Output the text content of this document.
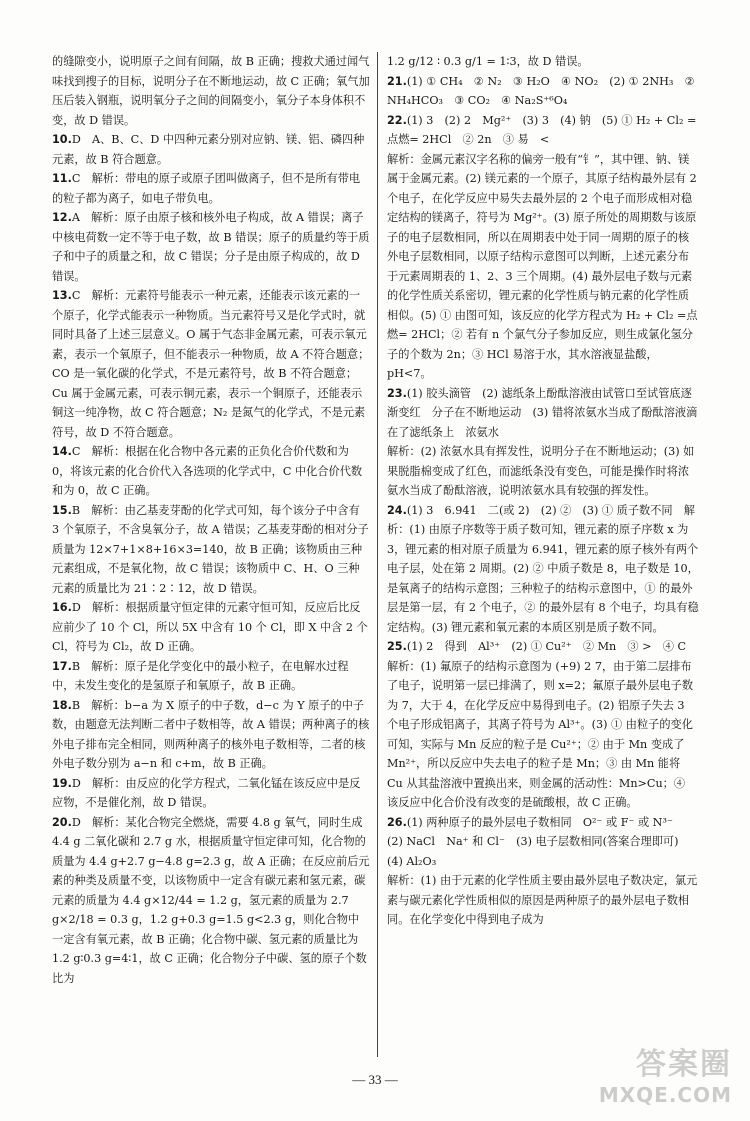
的缝隙变小，说明原子之间有间隔，故 B 正确；搜救犬通过闻气味找到搜子的目标，说明分子在不断地运动，故 C 正确；氧气加压后装入钢瓶，说明氧分子之间的间隔变小，氧分子本身体积不变，故 D 错误。

10.D　A、B、C、D 中四种元素分别对应钠、镁、铝、磷四种元素，故 B 符合题意。

11.C　解析：带电的原子或原子团叫做离子，但不是所有带电的粒子都为离子，如电子带负电。

12.A　解析：原子由原子核和核外电子构成，故 A 错误；离子中核电荷数一定不等于电子数，故 B 错误；原子的质量约等于质子和中子的质量之和，故 C 错误；分子是由原子构成的，故 D 错误。

13.C　解析：元素符号能表示一种元素，还能表示该元素的一个原子，化学式能表示一种物质。当元素符号又是化学式时，就同时具备了上述三层意义。O 属于气态非金属元素，可表示氧元素，表示一个氧原子，但不能表示一种物质，故 A 不符合题意；CO 是一氧化碳的化学式，不是元素符号，故 B 不符合题意；Cu 属于金属元素，可表示铜元素，表示一个铜原子，还能表示铜这一纯净物，故 C 符合题意；N₂ 是氮气的化学式，不是元素符号，故 D 不符合题意。

14.C　解析：根据在化合物中各元素的正负化合价代数和为 0，将该元素的化合价代入各选项的化学式中，C 中化合价代数和为 0，故 C 正确。

15.B　解析：由乙基麦芽酚的化学式可知，每个该分子中含有 3 个氧原子，不含臭氧分子，故 A 错误；乙基麦芽酚的相对分子质量为 12×7+1×8+16×3=140，故 B 正确；该物质由三种元素组成，不是氧化物，故 C 错误；该物质中 C、H、O 三种元素的质量比为 21∶2∶12，故 D 错误。

16.D　解析：根据质量守恒定律的元素守恒可知，反应后比反应前少了 10 个 Cl，所以 5X 中含有 10 个 Cl，即 X 中含 2 个 Cl，符号为 Cl₂，故 D 正确。

17.B　解析：原子是化学变化中的最小粒子，在电解水过程中，未发生变化的是氢原子和氧原子，故 B 正确。

18.B　解析：b−a 为 X 原子的中子数，d−c 为 Y 原子的中子数，由题意无法判断二者中子数相等，故 A 错误；两种离子的核外电子排布完全相同，则两种离子的核外电子数相等，二者的核外电子数分别为 a−n 和 c+m，故 B 正确。

19.D　解析：由反应的化学方程式，二氧化锰在该反应中是反应物，不是催化剂，故 D 错误。

20.D　解析：某化合物完全燃烧，需要 4.8 g 氧气，同时生成 4.4 g 二氧化碳和 2.7 g 水，根据质量守恒定律可知，化合物的质量为 4.4 g+2.7 g−4.8 g=2.3 g，故 A 正确；在反应前后元素的种类及质量不变，以该物质中一定含有碳元素和氢元素，碳元素的质量为 4.4 g×12/44 = 1.2 g，氢元素的质量为 2.7 g×2/18 = 0.3 g，1.2 g+0.3 g=1.5 g<2.3 g，则化合物中一定含有氧元素，故 B 正确；化合物中碳、氢元素的质量比为 1.2 g∶0.3 g=4∶1，故 C 正确；化合物分子中碳、氢的原子个数比为

1.2 g/12 ∶ 0.3 g/1 = 1∶3，故 D 错误。

21.(1) ① CH₄　② N₂　③ H₂O　④ NO₂　(2) ① 2NH₃　② NH₄HCO₃　③ CO₂　④ Na₂S⁺⁶O₄

22.(1) 3　(2) 2　Mg²⁺　(3) 3　(4) 钠　(5) ① H₂ + Cl₂ =点燃= 2HCl　② 2n　③ 易　<

解析：金属元素汉字名称的偏旁一般有“钅”，其中锂、钠、镁属于金属元素。(2) 镁元素的一个原子，其原子结构最外层有 2 个电子，在化学反应中易失去最外层的 2 个电子而形成相对稳定结构的镁离子，符号为 Mg²⁺。(3) 原子所处的周期数与该原子的电子层数相同，所以在周期表中处于同一周期的原子的核外电子层数相同，以原子结构示意图可以判断，上述元素分布于元素周期表的 1、2、3 三个周期。(4) 最外层电子数与元素的化学性质关系密切，锂元素的化学性质与钠元素的化学性质相似。(5) ① 由图可知，该反应的化学方程式为 H₂ + Cl₂ =点燃= 2HCl；② 若有 n 个氯气分子参加反应，则生成氯化氢分子的个数为 2n；③ HCl 易溶于水，其水溶液显盐酸，pH<7。

23.(1) 胶头滴管　(2) 滤纸条上酚酞溶液由试管口至试管底逐渐变红　分子在不断地运动　(3) 错将浓氨水当成了酚酞溶液滴在了滤纸条上　浓氨水

解析：(2) 浓氨水具有挥发性，说明分子在不断地运动；(3) 如果脱脂棉变成了红色，而滤纸条没有变色，可能是操作时将浓氨水当成了酚酞溶液，说明浓氨水具有较强的挥发性。

24.(1) 3　6.941　二(或 2)　(2) ②　(3) ① 质子数不同　解析：(1) 由原子序数等于质子数可知，锂元素的原子序数 x 为 3，锂元素的相对原子质量为 6.941，锂元素的原子核外有两个电子层，处在第 2 周期。(2) ② 中质子数是 8，电子数是 10，是氧离子的结构示意图；三种粒子的结构示意图中，① 的最外层是第一层，有 2 个电子，② 的最外层有 8 个电子，均具有稳定结构。(3) 锂元素和氧元素的本质区别是质子数不同。

25.(1) 2　得到　Al³⁺　(2) ① Cu²⁺　② Mn　③ >　④ C

解析：(1) 氟原子的结构示意图为 (+9) 2 7，由于第二层排布了电子，说明第一层已排满了，则 x=2；氟原子最外层电子数为 7，大于 4，在化学反应中易得到电子。(2) 铝原子失去 3 个电子形成铝离子，其离子符号为 Al³⁺。(3) ① 由粒子的变化可知，实际与 Mn 反应的粒子是 Cu²⁺；② 由于 Mn 变成了 Mn²⁺，所以反应中失去电子的粒子是 Mn；③ 由 Mn 能将 Cu 从其盐溶液中置换出来，则金属的活动性：Mn>Cu；④ 该反应中化合价没有改变的是硫酸根，故 C 正确。

26.(1) 两种原子的最外层电子数相同　O²⁻ 或 F⁻ 或 N³⁻　(2) NaCl　Na⁺ 和 Cl⁻　(3) 电子层数相同(答案合理即可)　(4) Al₂O₃

解析：(1) 由于元素的化学性质主要由最外层电子数决定，氯元素与碳元素化学性质相似的原因是两种原子的最外层电子数相同。在化学变化中得到电子成为

— 33 —	答案圈
MXQE.COM
